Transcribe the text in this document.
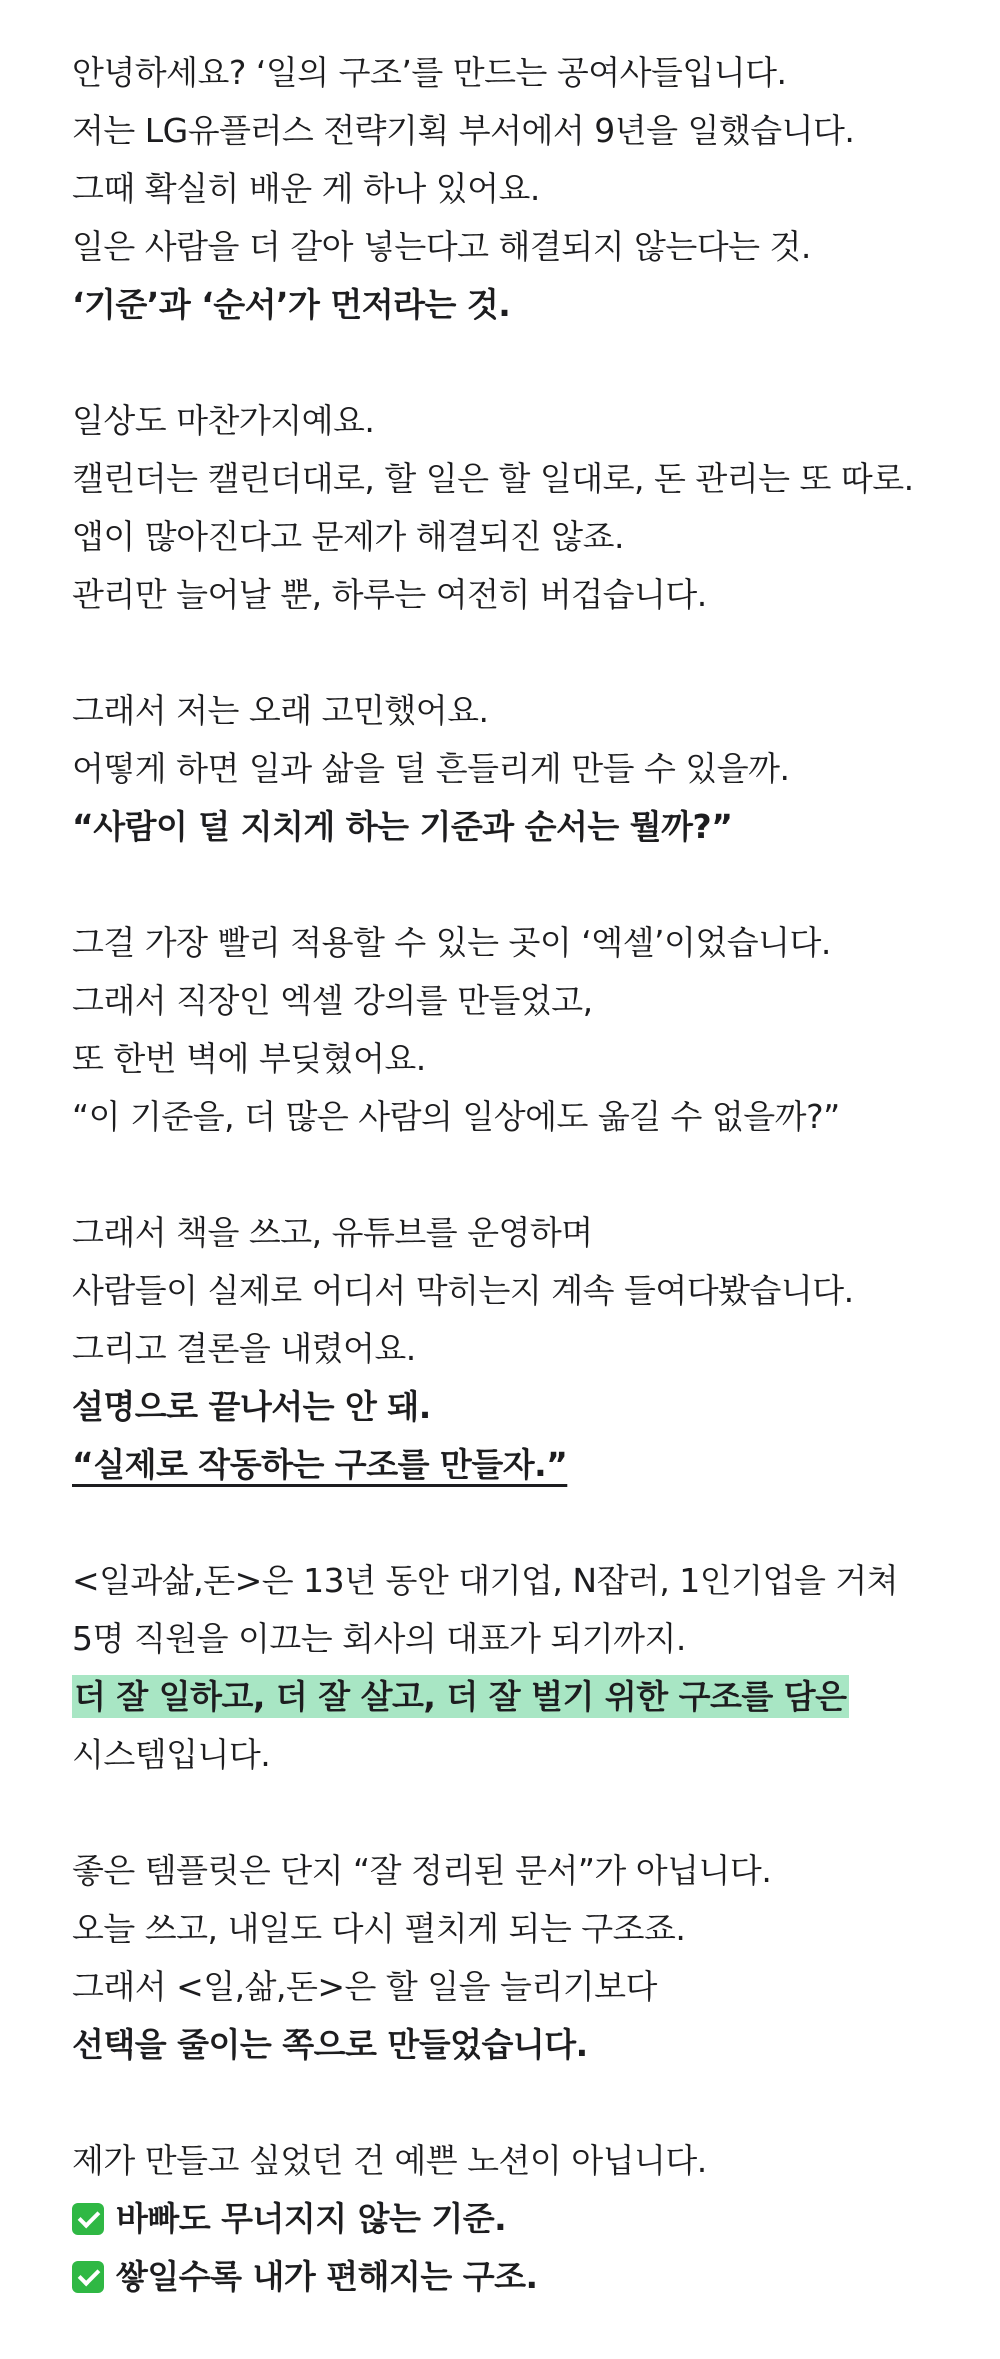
안녕하세요? ‘일의 구조’를 만드는 공여사들입니다.
저는 LG유플러스 전략기획 부서에서 9년을 일했습니다.
그때 확실히 배운 게 하나 있어요.
일은 사람을 더 갈아 넣는다고 해결되지 않는다는 것.
‘기준’과 ‘순서’가 먼저라는 것.
일상도 마찬가지예요.
캘린더는 캘린더대로, 할 일은 할 일대로, 돈 관리는 또 따로.
앱이 많아진다고 문제가 해결되진 않죠.
관리만 늘어날 뿐, 하루는 여전히 버겁습니다.
그래서 저는 오래 고민했어요.
어떻게 하면 일과 삶을 덜 흔들리게 만들 수 있을까.
“사람이 덜 지치게 하는 기준과 순서는 뭘까?”
그걸 가장 빨리 적용할 수 있는 곳이 ‘엑셀’이었습니다.
그래서 직장인 엑셀 강의를 만들었고,
또 한번 벽에 부딪혔어요.
“이 기준을, 더 많은 사람의 일상에도 옮길 수 없을까?”
그래서 책을 쓰고, 유튜브를 운영하며
사람들이 실제로 어디서 막히는지 계속 들여다봤습니다.
그리고 결론을 내렸어요.
설명으로 끝나서는 안 돼.
“실제로 작동하는 구조를 만들자.”
<일과삶,돈>은 13년 동안 대기업, N잡러, 1인기업을 거쳐
5명 직원을 이끄는 회사의 대표가 되기까지.
더 잘 일하고, 더 잘 살고, 더 잘 벌기 위한 구조를 담은
시스템입니다.
좋은 템플릿은 단지 “잘 정리된 문서”가 아닙니다.
오늘 쓰고, 내일도 다시 펼치게 되는 구조죠.
그래서 <일,삶,돈>은 할 일을 늘리기보다
선택을 줄이는 쪽으로 만들었습니다.
제가 만들고 싶었던 건 예쁜 노션이 아닙니다.
바빠도 무너지지 않는 기준.
쌓일수록 내가 편해지는 구조.
